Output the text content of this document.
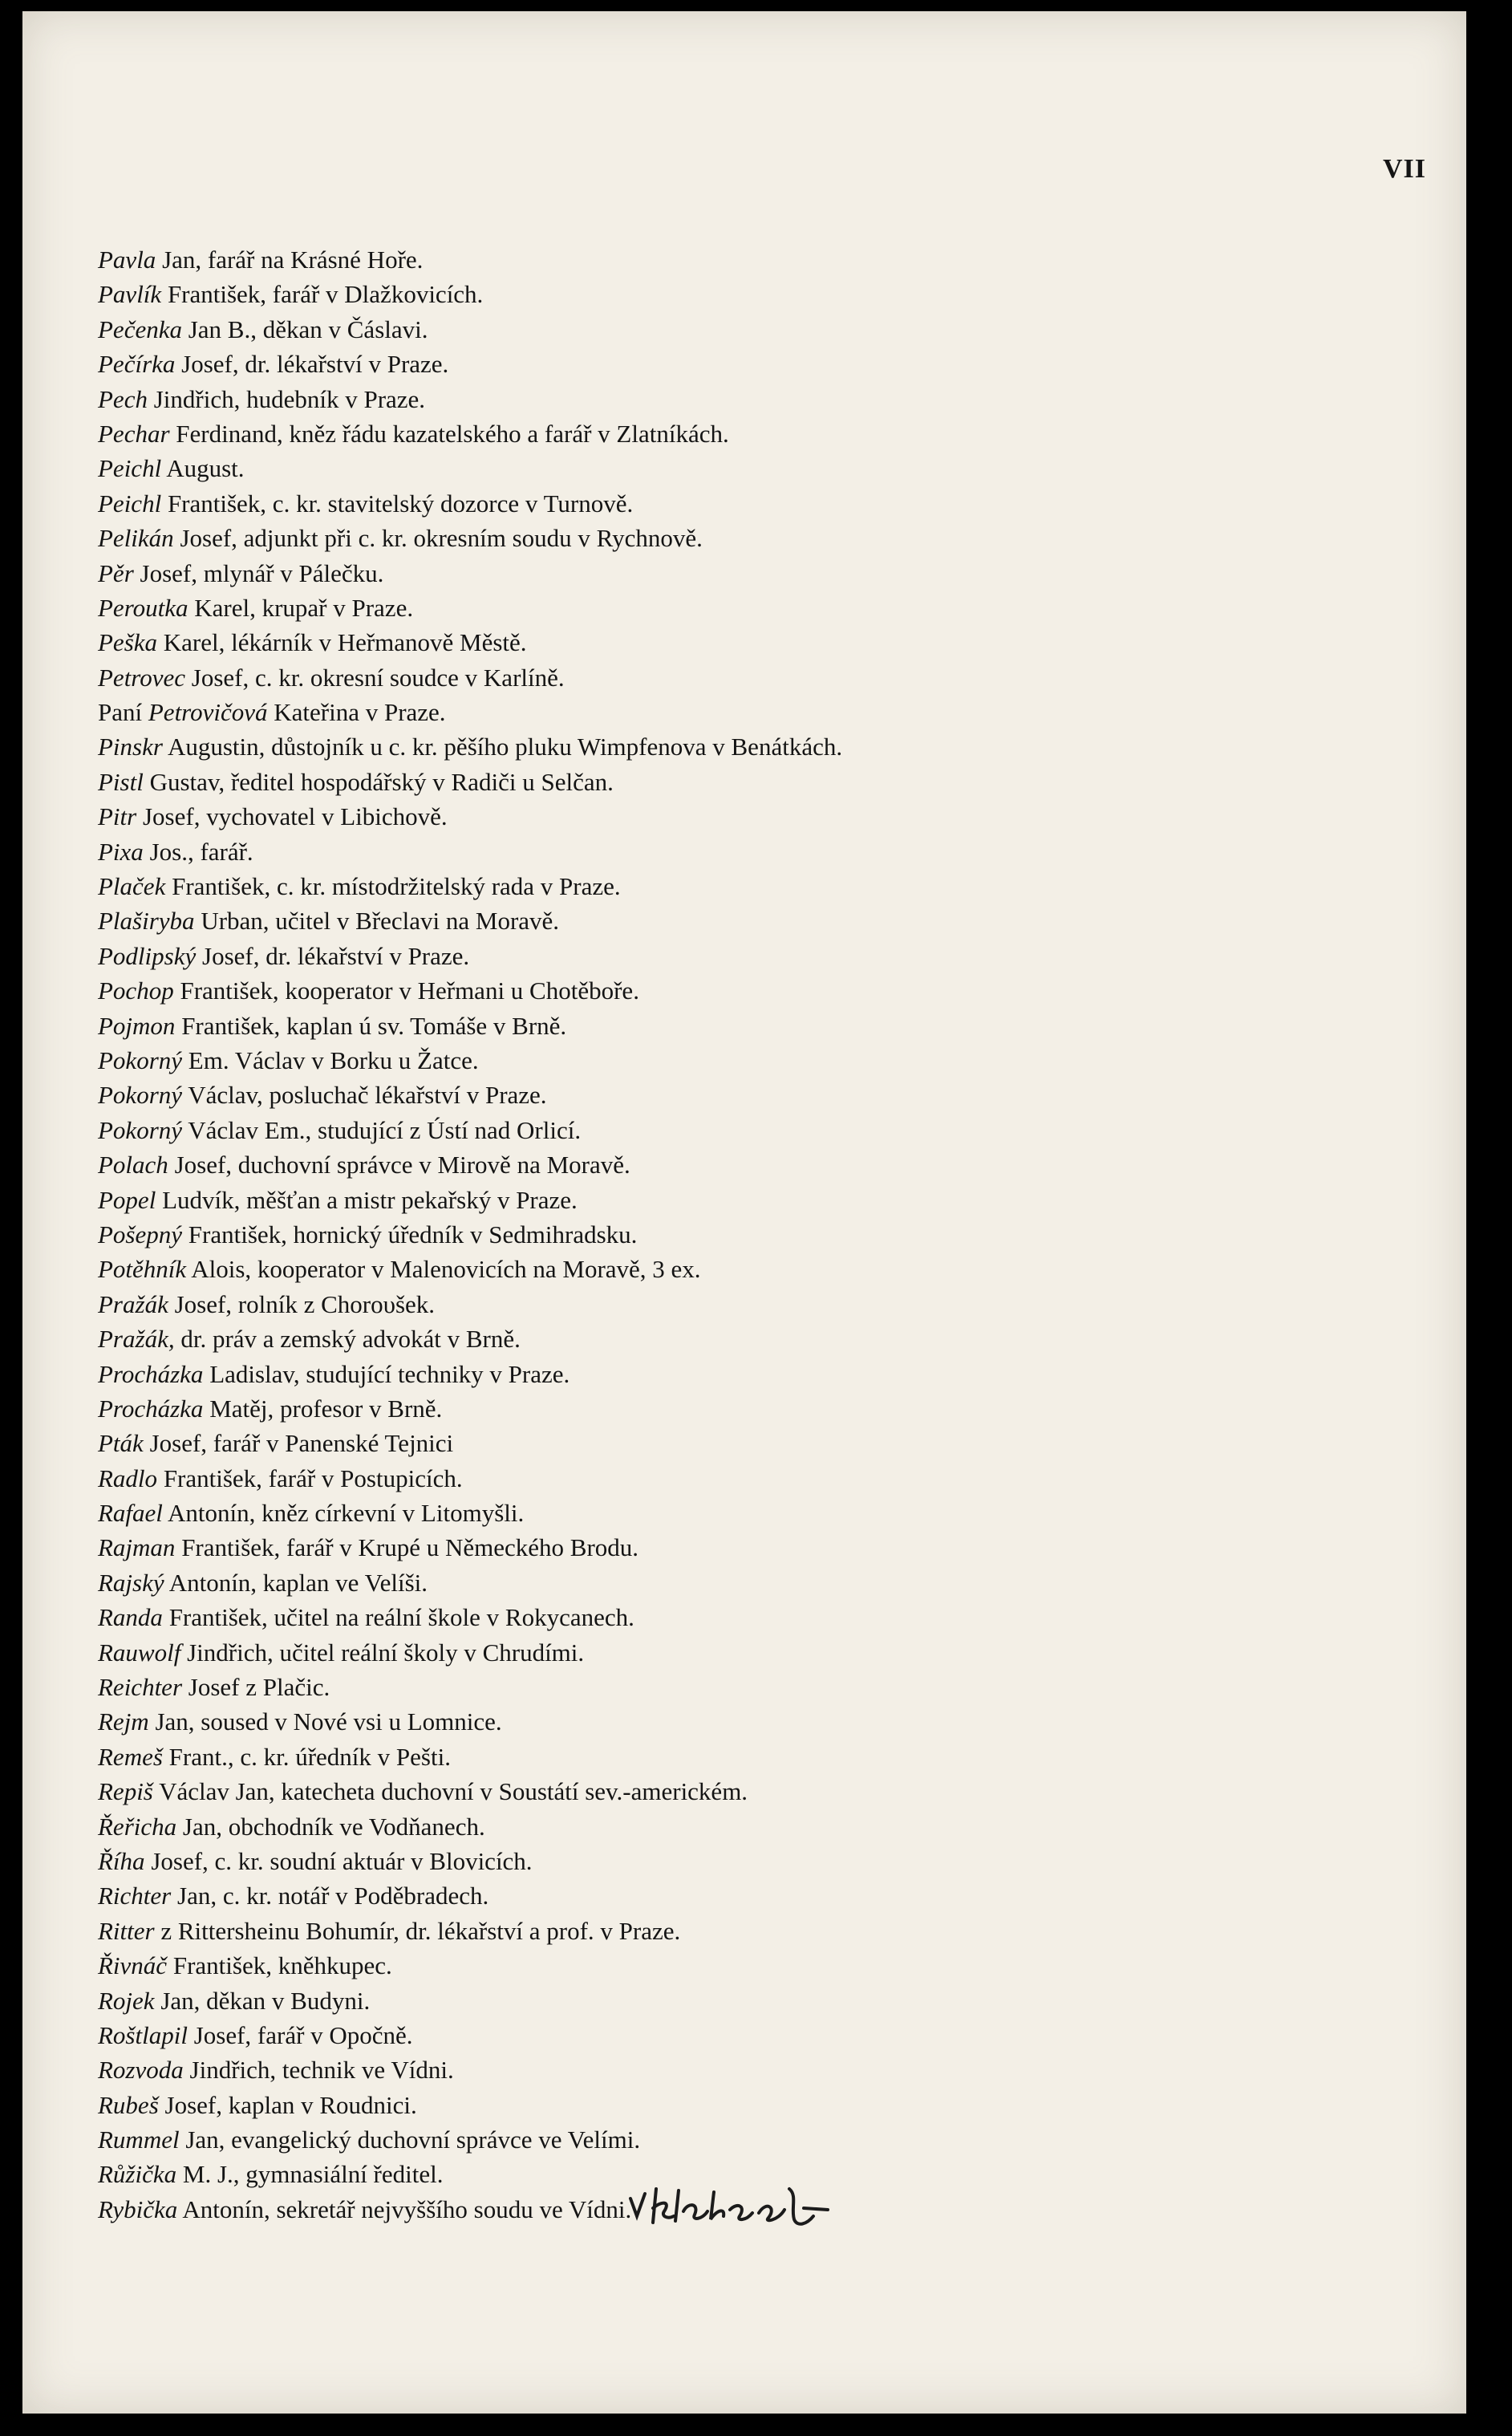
VII
Pavla Jan, farář na Krásné Hoře.
Pavlík František, farář v Dlažkovicích.
Pečenka Jan B., děkan v Čáslavi.
Pečírka Josef, dr. lékařství v Praze.
Pech Jindřich, hudebník v Praze.
Pechar Ferdinand, kněz řádu kazatelského a farář v Zlatníkách.
Peichl August.
Peichl František, c. kr. stavitelský dozorce v Turnově.
Pelikán Josef, adjunkt při c. kr. okresním soudu v Rychnově.
Pěr Josef, mlynář v Pálečku.
Peroutka Karel, krupař v Praze.
Peška Karel, lékárník v Heřmanově Městě.
Petrovec Josef, c. kr. okresní soudce v Karlíně.
Paní Petrovičová Kateřina v Praze.
Pinskr Augustin, důstojník u c. kr. pěšího pluku Wimpfenova v Benátkách.
Pistl Gustav, ředitel hospodářský v Radiči u Selčan.
Pitr Josef, vychovatel v Libichově.
Pixa Jos., farář.
Plaček František, c. kr. místodržitelský rada v Praze.
Plaširyba Urban, učitel v Břeclavi na Moravě.
Podlipský Josef, dr. lékařství v Praze.
Pochop František, kooperator v Heřmani u Chotěboře.
Pojmon František, kaplan ú sv. Tomáše v Brně.
Pokorný Em. Václav v Borku u Žatce.
Pokorný Václav, posluchač lékařství v Praze.
Pokorný Václav Em., studující z Ústí nad Orlicí.
Polach Josef, duchovní správce v Mirově na Moravě.
Popel Ludvík, měšťan a mistr pekařský v Praze.
Pošepný František, hornický úředník v Sedmihradsku.
Potěhník Alois, kooperator v Malenovicích na Moravě, 3 ex.
Pražák Josef, rolník z Chorουšek.
Pražák, dr. práv a zemský advokát v Brně.
Procházka Ladislav, studující techniky v Praze.
Procházka Matěj, profesor v Brně.
Pták Josef, farář v Panenské Tejnici
Radlo František, farář v Postupicích.
Rafael Antonín, kněz církevní v Litomyšli.
Rajman František, farář v Krupé u Německého Brodu.
Rajský Antonín, kaplan ve Velíši.
Randa František, učitel na reální škole v Rokycanech.
Rauwolf Jindřich, učitel reální školy v Chrudími.
Reichter Josef z Plačic.
Rejm Jan, soused v Nové vsi u Lomnice.
Remeš Frant., c. kr. úředník v Pešti.
Repiš Václav Jan, katecheta duchovní v Soustátí sev.-americkém.
Řeřicha Jan, obchodník ve Vodňanech.
Říha Josef, c. kr. soudní aktuár v Blovicích.
Richter Jan, c. kr. notář v Poděbradech.
Ritter z Rittersheinu Bohumír, dr. lékařství a prof. v Praze.
Řivnáč František, kněhkupec.
Rojek Jan, děkan v Budyni.
Roštlapil Josef, farář v Opočně.
Rozvoda Jindřich, technik ve Vídni.
Rubeš Josef, kaplan v Roudnici.
Rummel Jan, evangelický duchovní správce ve Velími.
Růžička M. J., gymnasiální ředitel.
Rybička Antonín, sekretář nejvyššího soudu ve Vídni.
